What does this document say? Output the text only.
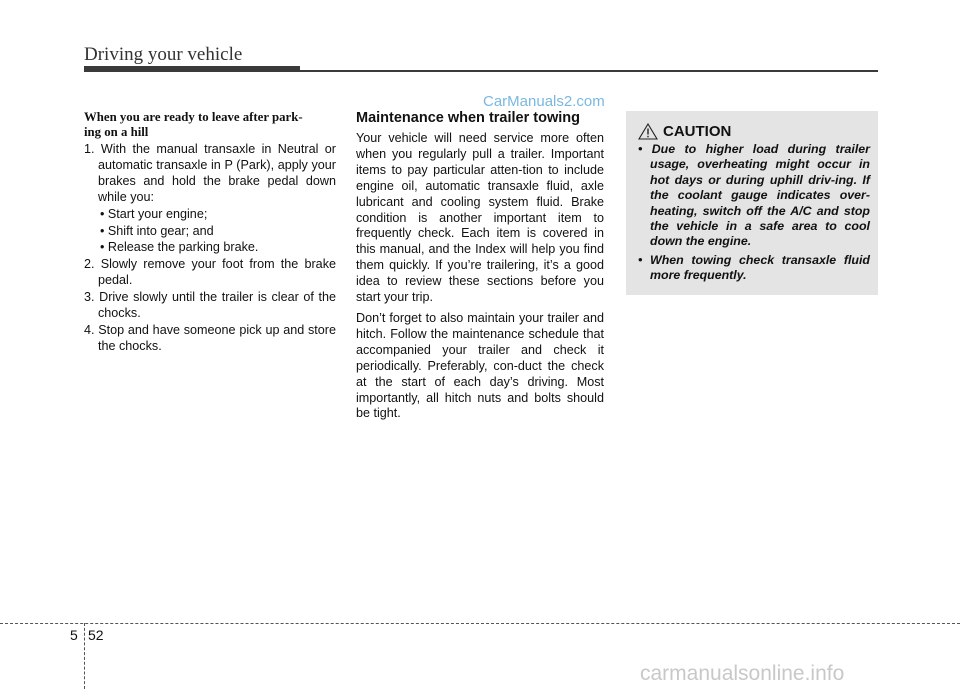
Driving your vehicle
CarManuals2.com
When you are ready to leave after park-
ing on a hill
1. With the manual transaxle in Neutral or automatic transaxle in P (Park), apply your brakes and hold the brake pedal down while you:
• Start your engine;
• Shift into gear; and
• Release the parking brake.
2. Slowly remove your foot from the brake pedal.
3. Drive slowly until the trailer is clear of the chocks.
4. Stop and have someone pick up and store the chocks.
Maintenance when trailer towing

Your vehicle will need service more often when you regularly pull a trailer. Important items to pay particular atten-tion to include engine oil, automatic transaxle fluid, axle lubricant and cooling system fluid. Brake condition is another important item to frequently check. Each item is covered in this manual, and the Index will help you find them quickly. If you’re trailering, it’s a good idea to review these sections before you start your trip.

Don’t forget to also maintain your trailer and hitch. Follow the maintenance schedule that accompanied your trailer and check it periodically. Preferably, con-duct the check at the start of each day’s driving. Most importantly, all hitch nuts and bolts should be tight.

CAUTION
• Due to higher load during trailer usage, overheating might occur in hot days or during uphill driv-ing. If the coolant gauge indicates over-heating, switch off the A/C and stop the vehicle in a safe area to cool down the engine.
• When towing check transaxle fluid more frequently.
5 52
carmanualsonline.info
